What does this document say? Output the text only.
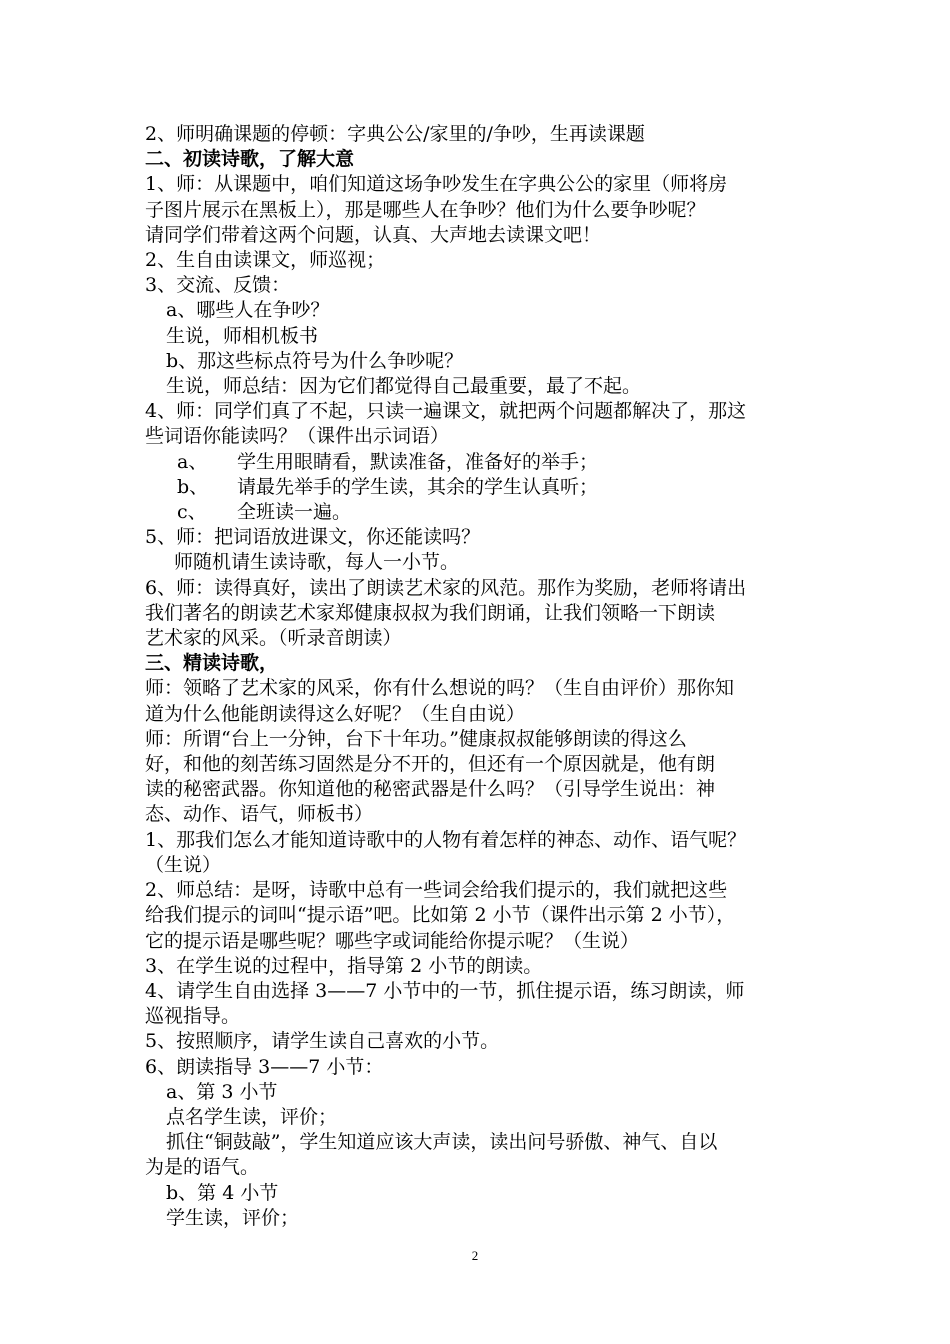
2、师明确课题的停顿：字典公公/家里的/争吵，生再读课题
二、初读诗歌，了解大意
1、师：从课题中，咱们知道这场争吵发生在字典公公的家里（师将房
子图片展示在黑板上），那是哪些人在争吵？他们为什么要争吵呢？
请同学们带着这两个问题，认真、大声地去读课文吧！
2、生自由读课文，师巡视；
3、交流、反馈：
a、哪些人在争吵？
生说，师相机板书
b、那这些标点符号为什么争吵呢？
生说，师总结：因为它们都觉得自己最重要，最了不起。
4、师：同学们真了不起，只读一遍课文，就把两个问题都解决了，那这
些词语你能读吗？（课件出示词语）
a、 学生用眼睛看，默读准备，准备好的举手；
b、 请最先举手的学生读，其余的学生认真听；
c、 全班读一遍。
5、师：把词语放进课文，你还能读吗？
师随机请生读诗歌，每人一小节。
6、师：读得真好，读出了朗读艺术家的风范。那作为奖励，老师将请出
我们著名的朗读艺术家郑健康叔叔为我们朗诵，让我们领略一下朗读
艺术家的风采。（听录音朗读）
三、精读诗歌，
师：领略了艺术家的风采，你有什么想说的吗？（生自由评价）那你知
道为什么他能朗读得这么好呢？（生自由说）
师：所谓“台上一分钟，台下十年功。”健康叔叔能够朗读的得这么
好，和他的刻苦练习固然是分不开的，但还有一个原因就是，他有朗
读的秘密武器。你知道他的秘密武器是什么吗？（引导学生说出：神
态、动作、语气，师板书）
1、那我们怎么才能知道诗歌中的人物有着怎样的神态、动作、语气呢？
（生说）
2、师总结：是呀，诗歌中总有一些词会给我们提示的，我们就把这些
给我们提示的词叫“提示语”吧。比如第 2 小节（课件出示第 2 小节），
它的提示语是哪些呢？哪些字或词能给你提示呢？（生说）
3、在学生说的过程中，指导第 2 小节的朗读。
4、请学生自由选择 3——7 小节中的一节，抓住提示语，练习朗读，师
巡视指导。
5、按照顺序，请学生读自己喜欢的小节。
6、朗读指导 3——7 小节：
a、第 3 小节
点名学生读，评价；
抓住“铜鼓敲”，学生知道应该大声读，读出问号骄傲、神气、自以
为是的语气。
b、第 4 小节
学生读，评价；
2
